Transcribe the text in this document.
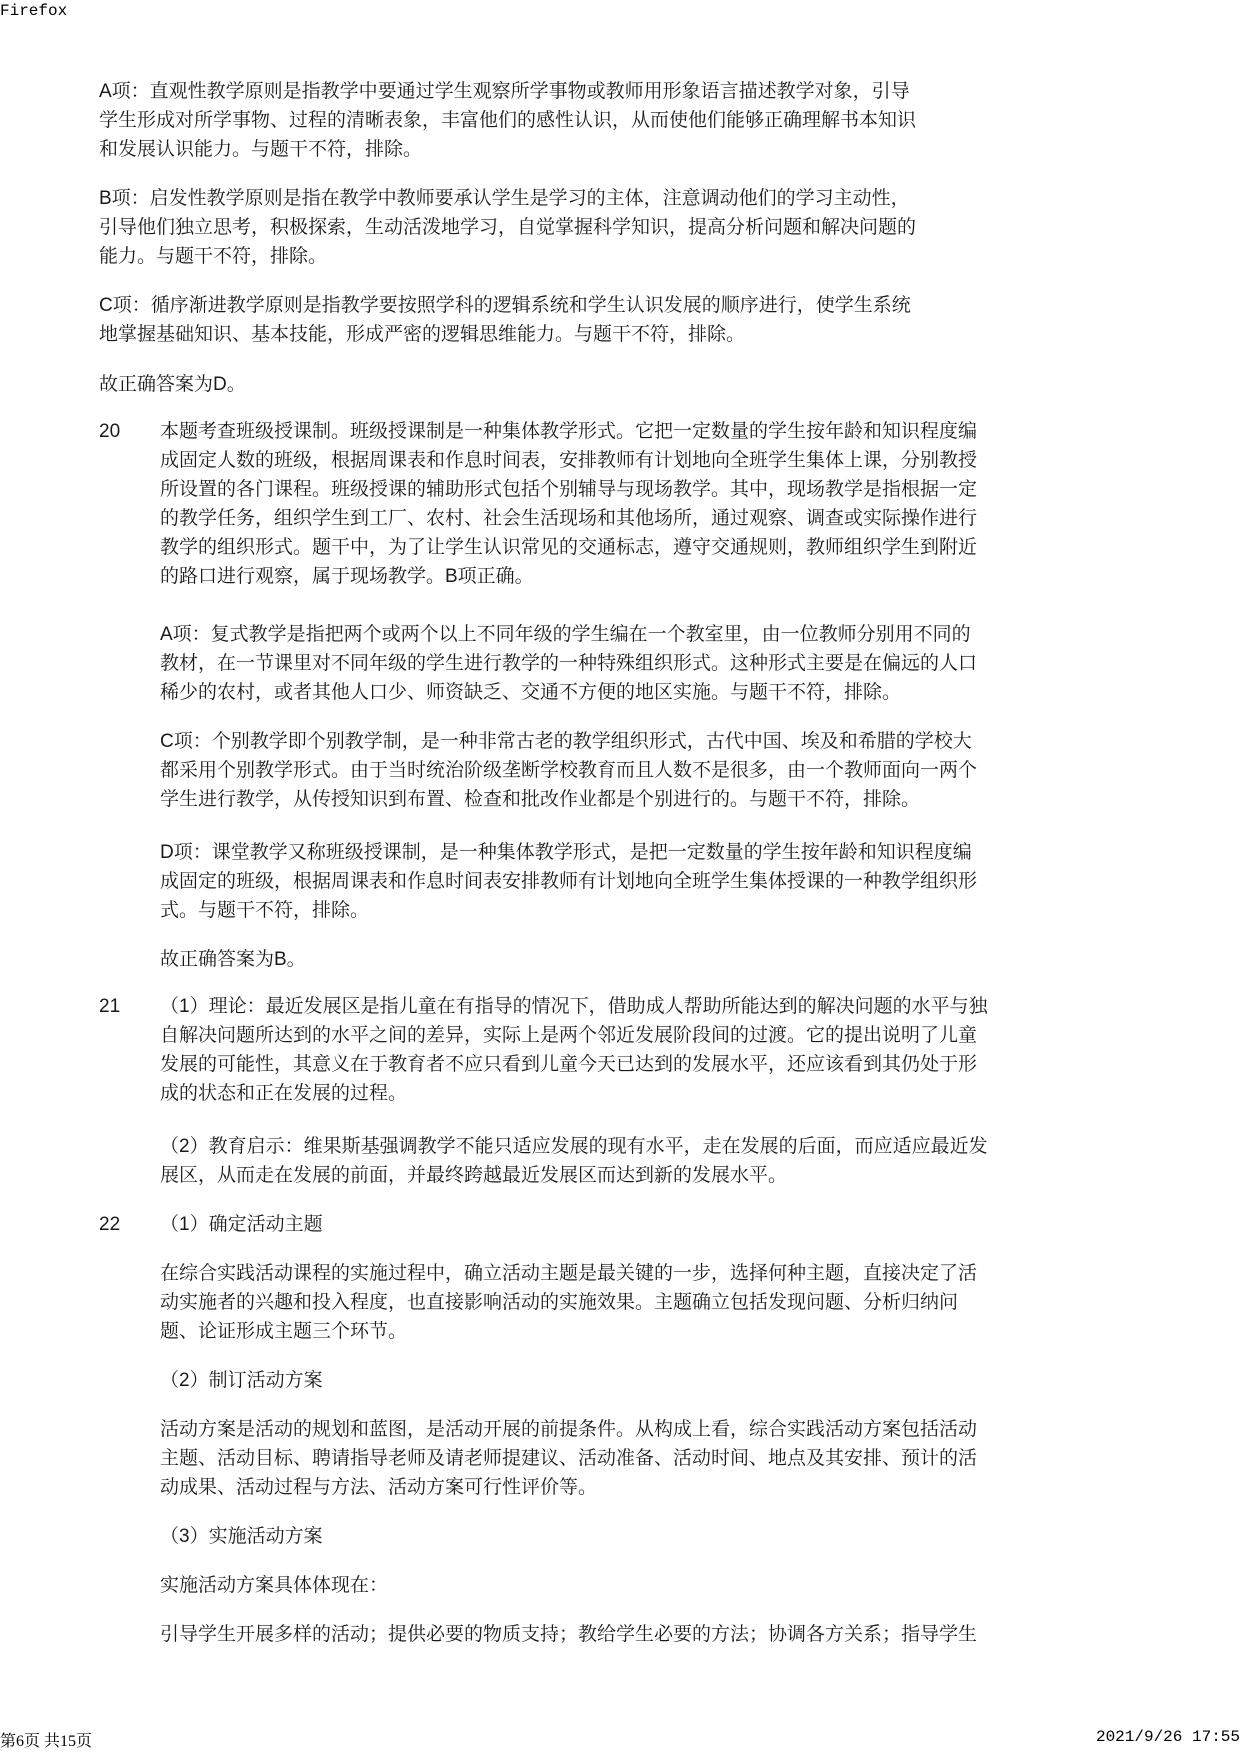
Firefox
A项：直观性教学原则是指教学中要通过学生观察所学事物或教师用形象语言描述教学对象，引导
学生形成对所学事物、过程的清晰表象，丰富他们的感性认识，从而使他们能够正确理解书本知识
和发展认识能力。与题干不符，排除。
B项：启发性教学原则是指在教学中教师要承认学生是学习的主体，注意调动他们的学习主动性，
引导他们独立思考，积极探索，生动活泼地学习，自觉掌握科学知识，提高分析问题和解决问题的
能力。与题干不符，排除。
C项：循序渐进教学原则是指教学要按照学科的逻辑系统和学生认识发展的顺序进行，使学生系统
地掌握基础知识、基本技能，形成严密的逻辑思维能力。与题干不符，排除。
故正确答案为D。
20 本题考查班级授课制。班级授课制是一种集体教学形式。它把一定数量的学生按年龄和知识程度编
成固定人数的班级，根据周课表和作息时间表，安排教师有计划地向全班学生集体上课，分别教授
所设置的各门课程。班级授课的辅助形式包括个别辅导与现场教学。其中，现场教学是指根据一定
的教学任务，组织学生到工厂、农村、社会生活现场和其他场所，通过观察、调查或实际操作进行
教学的组织形式。题干中，为了让学生认识常见的交通标志，遵守交通规则，教师组织学生到附近
的路口进行观察，属于现场教学。B项正确。
A项：复式教学是指把两个或两个以上不同年级的学生编在一个教室里，由一位教师分别用不同的
教材，在一节课里对不同年级的学生进行教学的一种特殊组织形式。这种形式主要是在偏远的人口
稀少的农村，或者其他人口少、师资缺乏、交通不方便的地区实施。与题干不符，排除。
C项：个别教学即个别教学制，是一种非常古老的教学组织形式，古代中国、埃及和希腊的学校大
都采用个别教学形式。由于当时统治阶级垄断学校教育而且人数不是很多，由一个教师面向一两个
学生进行教学，从传授知识到布置、检查和批改作业都是个别进行的。与题干不符，排除。
D项：课堂教学又称班级授课制，是一种集体教学形式，是把一定数量的学生按年龄和知识程度编
成固定的班级，根据周课表和作息时间表安排教师有计划地向全班学生集体授课的一种教学组织形
式。与题干不符，排除。
故正确答案为B。
21 （1）理论：最近发展区是指儿童在有指导的情况下，借助成人帮助所能达到的解决问题的水平与独
自解决问题所达到的水平之间的差异，实际上是两个邻近发展阶段间的过渡。它的提出说明了儿童
发展的可能性，其意义在于教育者不应只看到儿童今天已达到的发展水平，还应该看到其仍处于形
成的状态和正在发展的过程。
（2）教育启示：维果斯基强调教学不能只适应发展的现有水平，走在发展的后面，而应适应最近发
展区，从而走在发展的前面，并最终跨越最近发展区而达到新的发展水平。
22 （1）确定活动主题
在综合实践活动课程的实施过程中，确立活动主题是最关键的一步，选择何种主题，直接决定了活
动实施者的兴趣和投入程度，也直接影响活动的实施效果。主题确立包括发现问题、分析归纳问
题、论证形成主题三个环节。
（2）制订活动方案
活动方案是活动的规划和蓝图，是活动开展的前提条件。从构成上看，综合实践活动方案包括活动
主题、活动目标、聘请指导老师及请老师提建议、活动准备、活动时间、地点及其安排、预计的活
动成果、活动过程与方法、活动方案可行性评价等。
（3）实施活动方案
实施活动方案具体体现在：
引导学生开展多样的活动；提供必要的物质支持；教给学生必要的方法；协调各方关系；指导学生
第6页 共15页	2021/9/26 17:55
